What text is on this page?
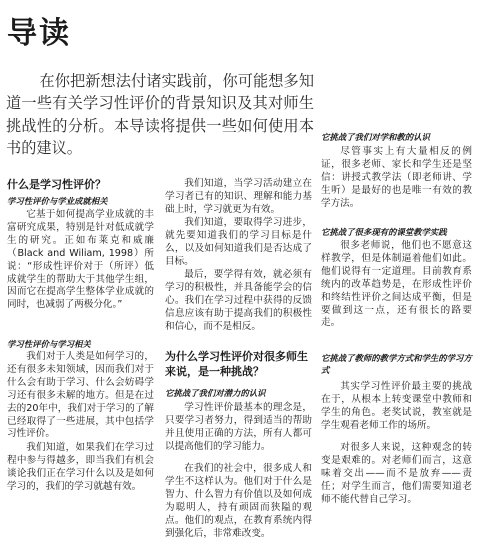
导读

在你把新想法付诸实践前，你可能想多知道一些有关学习性评价的背景知识及其对师生挑战性的分析。本导读将提供一些如何使用本书的建议。

什么是学习性评价？
学习性评价与学业成就相关

它基于如何提高学业成就的丰富研究成果，特别是针对低成就学生的研究。正如布莱克和威廉（Black and Wiliam, 1998）所说：“形成性评价对于（所评）低成就学生的帮助大于其他学生组，因而它在提高学生整体学业成就的同时，也减弱了两极分化。”

学习性评价与学习相关

我们对于人类是如何学习的，还有很多未知领域，因而我们对于什么会有助于学习、什么会妨碍学习还有很多未解的地方。但是在过去的20年中，我们对于学习的了解已经取得了一些进展，其中包括学习性评价。

我们知道，如果我们在学习过程中参与得越多，即当我们有机会谈论我们正在学习什么以及是如何学习的，我们的学习就越有效。

我们知道，当学习活动建立在学习者已有的知识、理解和能力基础上时，学习就更为有效。

我们知道，要取得学习进步，就先要知道我们的学习目标是什么，以及如何知道我们是否达成了目标。

最后，要学得有效，就必须有学习的积极性，并具备能学会的信心。我们在学习过程中获得的反馈信息应该有助于提高我们的积极性和信心，而不是相反。

为什么学习性评价对很多师生来说，是一种挑战？
它挑战了我们对潜力的认识

学习性评价最基本的理念是，只要学习者努力，得到适当的帮助并且使用正确的方法，所有人都可以提高他们的学习能力。

在我们的社会中，很多成人和学生不这样认为。他们对于什么是智力、什么智力有价值以及如何成为聪明人，持有顽固而狭隘的观点。他们的观点，在教育系统内得到强化后，非常难改变。

它挑战了我们对学和教的认识

尽管事实上有大量相反的例证，很多老师、家长和学生还是坚信：讲授式教学法（即老师讲、学生听）是最好的也是唯一有效的教学方法。

它挑战了很多现有的课堂教学实践

很多老师说，他们也不愿意这样教学，但是体制逼着他们如此。他们说得有一定道理。目前教育系统内的改革趋势是，在形成性评价和终结性评价之间达成平衡，但是要做到这一点，还有很长的路要走。

它挑战了教师的教学方式和学生的学习方式

其实学习性评价最主要的挑战在于，从根本上转变课堂中教师和学生的角色。老奖试说，教室就是学生观看老师工作的场所。

对很多人来说，这种观念的转变是艰难的。对老师们而言，这意味着交出——而不是放弃——责任；对学生而言，他们需要知道老师不能代替自己学习。
